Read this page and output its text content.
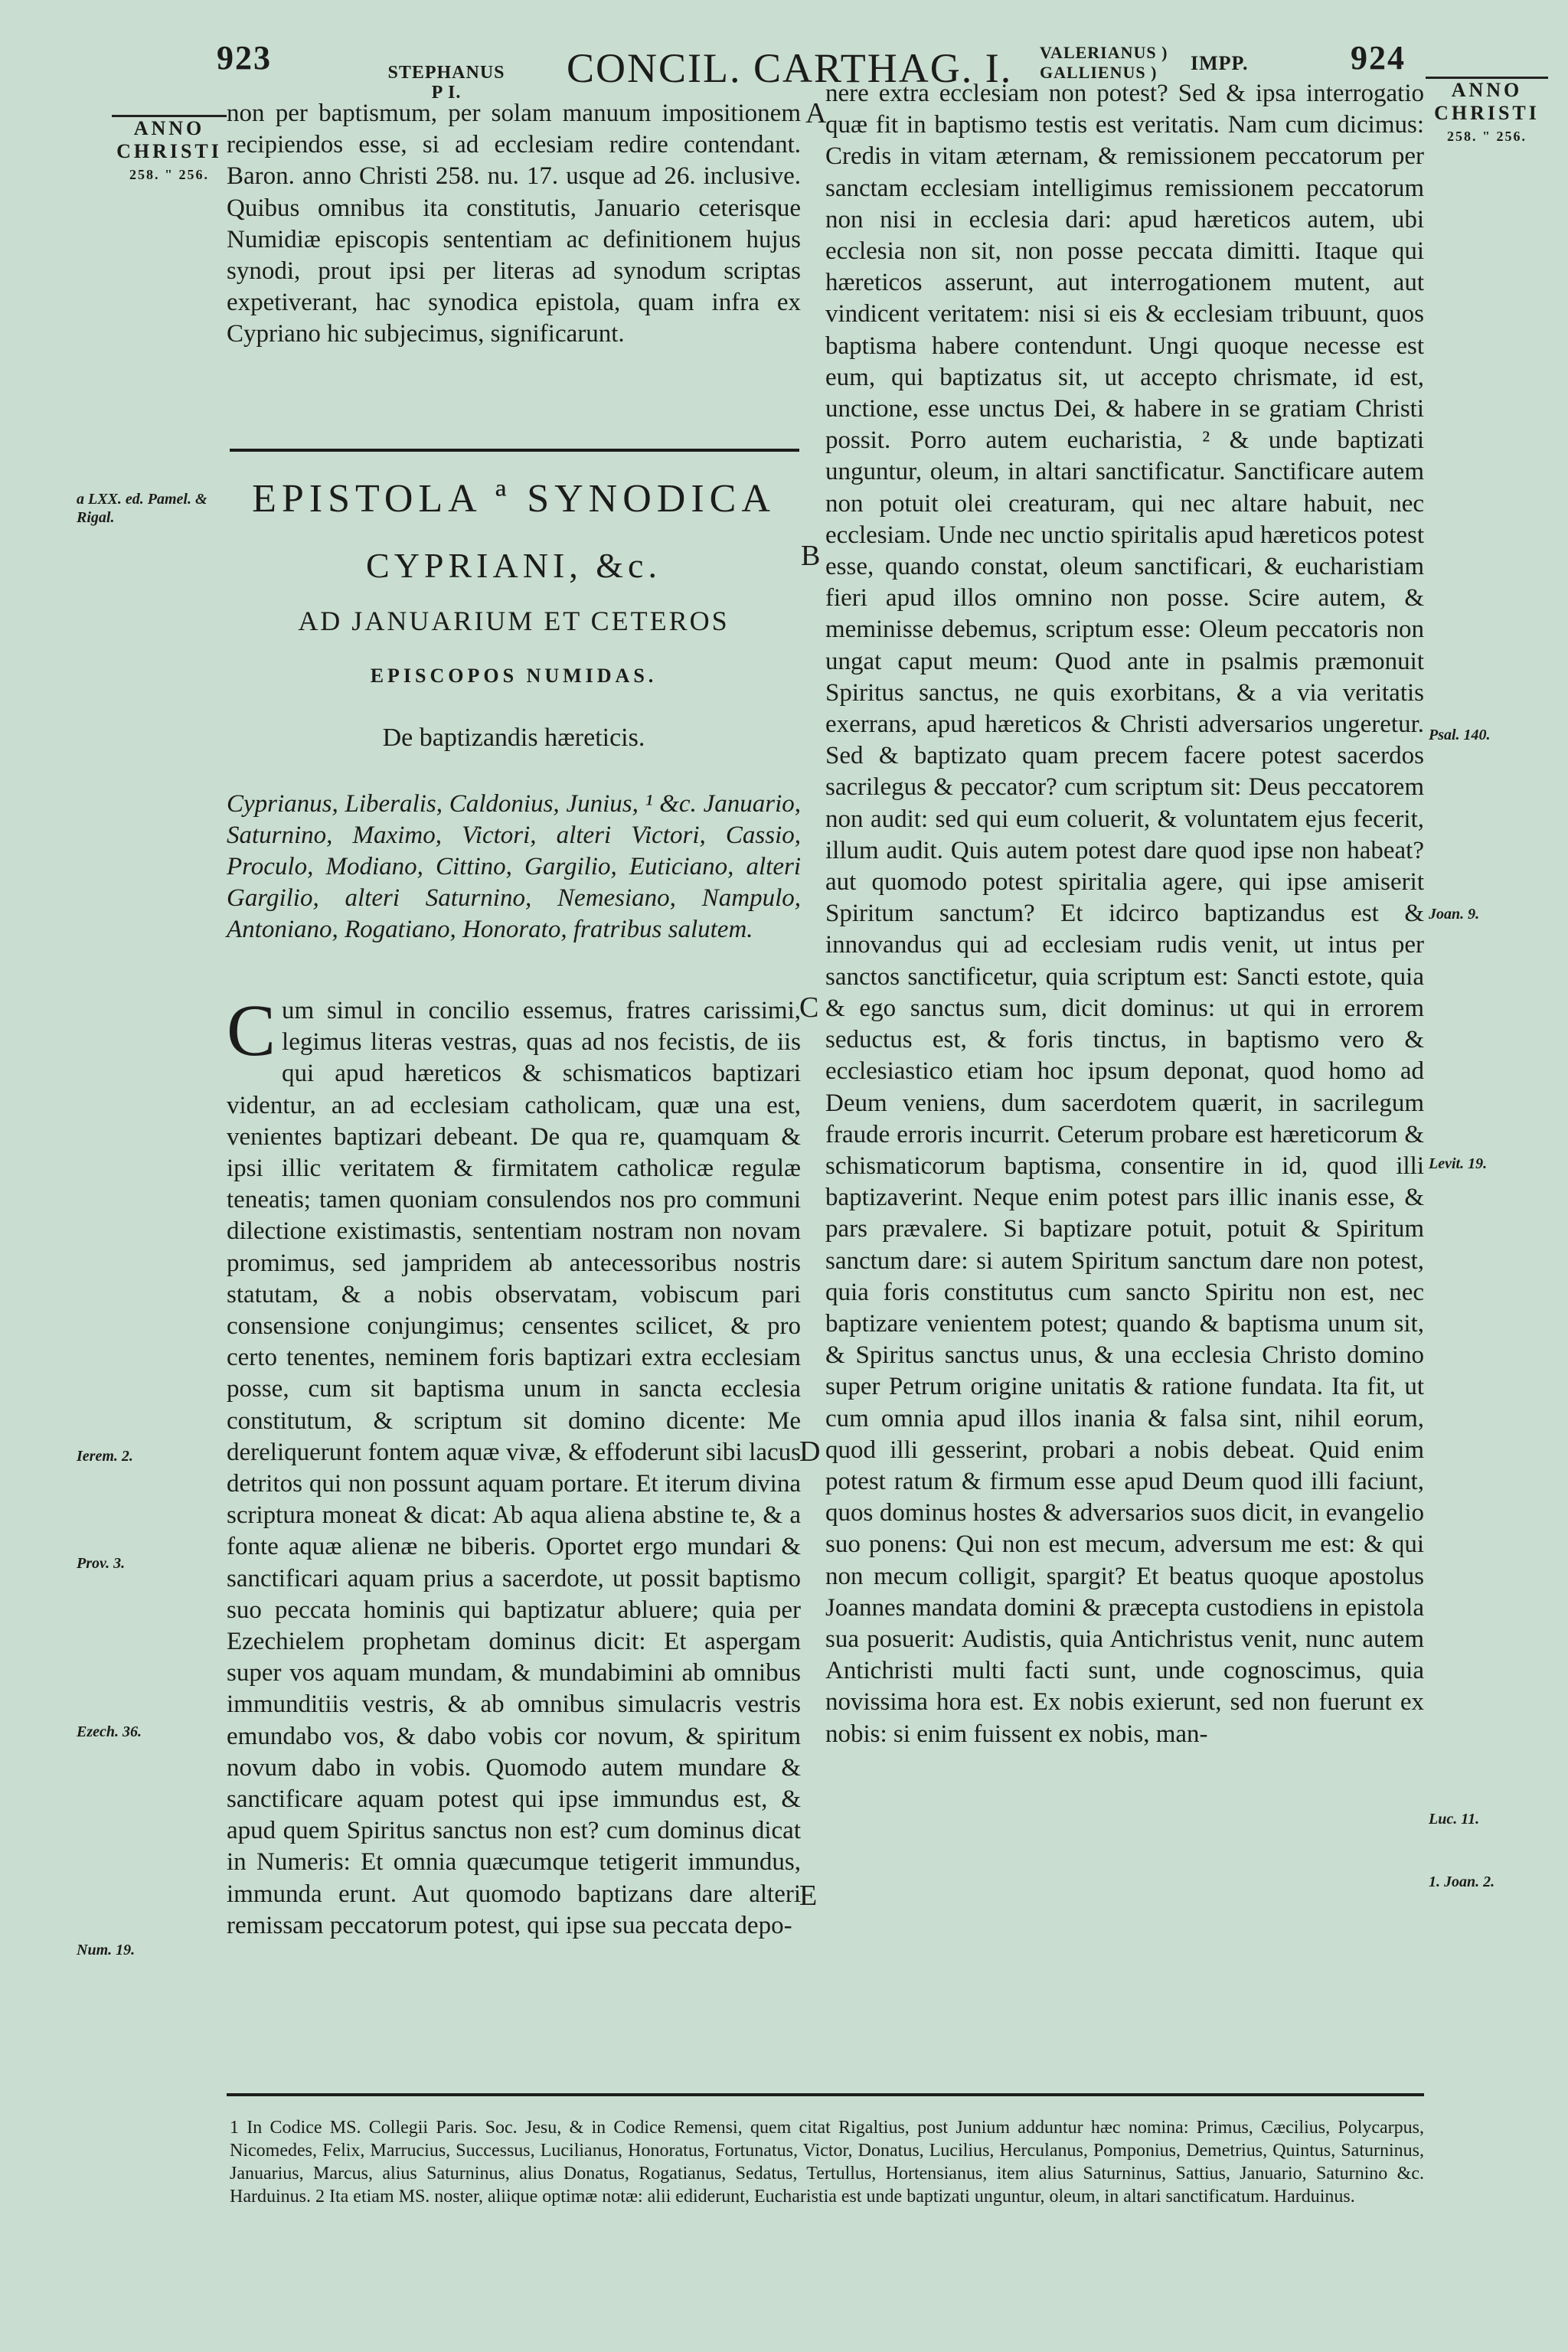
923	STEPHANUS
P I.
CONCIL. CARTHAG. I. VALERIANUS )
GALLIENUS )	IMPP.	924
ANNO
CHRISTI
258. " 256.
ANNO
CHRISTI
258. " 256.
non per baptismum, per solam manuum impositionem recipiendos esse, si ad ecclesiam redire contendant. Baron. anno Christi 258. nu. 17. usque ad 26. inclusive. Quibus omnibus ita constitutis, Januario ceterisque Numidiæ episcopis sententiam ac definitionem hujus synodi, prout ipsi per literas ad synodum scriptas expetiverant, hac synodica epistola, quam infra ex Cypriano hic subjecimus, significarunt.
a LXX. ed. Pamel. & Rigal.	EPISTOLA ª SYNODICA
CYPRIANI, &c.
AD JANUARIUM ET CETEROS
EPISCOPOS NUMIDAS.
De baptizandis hæreticis.
Cyprianus, Liberalis, Caldonius, Junius, ¹ &c. Januario, Saturnino, Maximo, Victori, alteri Victori, Cassio, Proculo, Modiano, Cittino, Gargilio, Euticiano, alteri Gargilio, alteri Saturnino, Nemesiano, Nampulo, Antoniano, Rogatiano, Honorato, fratribus salutem.
C um simul in concilio essemus, fratres carissimi, legimus literas vestras, quas ad nos fecistis, de iis qui apud hæreticos & schismaticos baptizari videntur, an ad ecclesiam catholicam, quæ una est, venientes baptizari debeant. De qua re, quamquam & ipsi illic veritatem & firmitatem catholicæ regulæ teneatis; tamen quoniam consulendos nos pro communi dilectione existimastis, sententiam nostram non novam promimus, sed jampridem ab antecessoribus nostris statutam, & a nobis observatam, vobiscum pari consensione conjungimus; censentes scilicet, & pro certo tenentes, neminem foris baptizari extra ecclesiam posse, cum sit baptisma unum in sancta ecclesia constitutum, & scriptum sit domino dicente: Me dereliquerunt fontem aquæ vivæ, & effoderunt sibi lacus detritos qui non possunt aquam portare. Et iterum divina scriptura moneat & dicat: Ab aqua aliena abstine te, & a fonte aquæ alienæ ne biberis. Oportet ergo mundari & sanctificari aquam prius a sacerdote, ut possit baptismo suo peccata hominis qui baptizatur abluere; quia per Ezechielem prophetam dominus dicit: Et aspergam super vos aquam mundam, & mundabimini ab omnibus immunditiis vestris, & ab omnibus simulacris vestris emundabo vos, & dabo vobis cor novum, & spiritum novum dabo in vobis. Quomodo autem mundare & sanctificare aquam potest qui ipse immundus est, & apud quem Spiritus sanctus non est? cum dominus dicat in Numeris: Et omnia quæcumque tetigerit immundus, immunda erunt. Aut quomodo baptizans dare alteri remissam peccatorum potest, qui ipse sua peccata depo-
nere extra ecclesiam non potest? Sed & ipsa interrogatio quæ fit in baptismo testis est veritatis. Nam cum dicimus: Credis in vitam æternam, & remissionem peccatorum per sanctam ecclesiam intelligimus remissionem peccatorum non nisi in ecclesia dari: apud hæreticos autem, ubi ecclesia non sit, non posse peccata dimitti. Itaque qui hæreticos asserunt, aut interrogationem mutent, aut vindicent veritatem: nisi si eis & ecclesiam tribuunt, quos baptisma habere contendunt. Ungi quoque necesse est eum, qui baptizatus sit, ut accepto chrismate, id est, unctione, esse unctus Dei, & habere in se gratiam Christi possit. Porro autem eucharistia, ² & unde baptizati unguntur, oleum, in altari sanctificatur. Sanctificare autem non potuit olei creaturam, qui nec altare habuit, nec ecclesiam. Unde nec unctio spiritalis apud hæreticos potest esse, quando constat, oleum sanctificari, & eucharistiam fieri apud illos omnino non posse. Scire autem, & meminisse debemus, scriptum esse: Oleum peccatoris non ungat caput meum: Quod ante in psalmis præmonuit Spiritus sanctus, ne quis exorbitans, & a via veritatis exerrans, apud hæreticos & Christi adversarios ungeretur. Sed & baptizato quam precem facere potest sacerdos sacrilegus & peccator? cum scriptum sit: Deus peccatorem non audit: sed qui eum coluerit, & voluntatem ejus fecerit, illum audit. Quis autem potest dare quod ipse non habeat? aut quomodo potest spiritalia agere, qui ipse amiserit Spiritum sanctum? Et idcirco baptizandus est & innovandus qui ad ecclesiam rudis venit, ut intus per sanctos sanctificetur, quia scriptum est: Sancti estote, quia & ego sanctus sum, dicit dominus: ut qui in errorem seductus est, & foris tinctus, in baptismo vero & ecclesiastico etiam hoc ipsum deponat, quod homo ad Deum veniens, dum sacerdotem quærit, in sacrilegum fraude erroris incurrit. Ceterum probare est hæreticorum & schismaticorum baptisma, consentire in id, quod illi baptizaverint. Neque enim potest pars illic inanis esse, & pars prævalere. Si baptizare potuit, potuit & Spiritum sanctum dare: si autem Spiritum sanctum dare non potest, quia foris constitutus cum sancto Spiritu non est, nec baptizare venientem potest; quando & baptisma unum sit, & Spiritus sanctus unus, & una ecclesia Christo domino super Petrum origine unitatis & ratione fundata. Ita fit, ut cum omnia apud illos inania & falsa sint, nihil eorum, quod illi gesserint, probari a nobis debeat. Quid enim potest ratum & firmum esse apud Deum quod illi faciunt, quos dominus hostes & adversarios suos dicit, in evangelio suo ponens: Qui non est mecum, adversum me est: & qui non mecum colligit, spargit? Et beatus quoque apostolus Joannes mandata domini & præcepta custodiens in epistola sua posuerit: Audistis, quia Antichristus venit, nunc autem Antichristi multi facti sunt, unde cognoscimus, quia novissima hora est. Ex nobis exierunt, sed non fuerunt ex nobis: si enim fuissent ex nobis, man-
A
B
C
D
E
Ierem. 2.
Prov. 3.
Ezech. 36.
Num. 19.
Psal. 140.
Joan. 9.
Levit. 19.
Luc. 11.
1. Joan. 2.

1 In Codice MS. Collegii Paris. Soc. Jesu, & in Codice Remensi, quem citat Rigaltius, post Junium adduntur hæc nomina: Primus, Cæcilius, Polycarpus, Nicomedes, Felix, Marrucius, Successus, Lucilianus, Honoratus, Fortunatus, Victor, Donatus, Lucilius, Herculanus, Pomponius, Demetrius, Quintus, Saturninus, Januarius, Marcus, alius Saturninus, alius Donatus, Rogatianus, Sedatus, Tertullus, Hortensianus, item alius Saturninus, Sattius, Januario, Saturnino &c. Harduinus. 2 Ita etiam MS. noster, aliique optimæ notæ: alii ediderunt, Eucharistia est unde baptizati unguntur, oleum, in altari sanctificatum. Harduinus.
